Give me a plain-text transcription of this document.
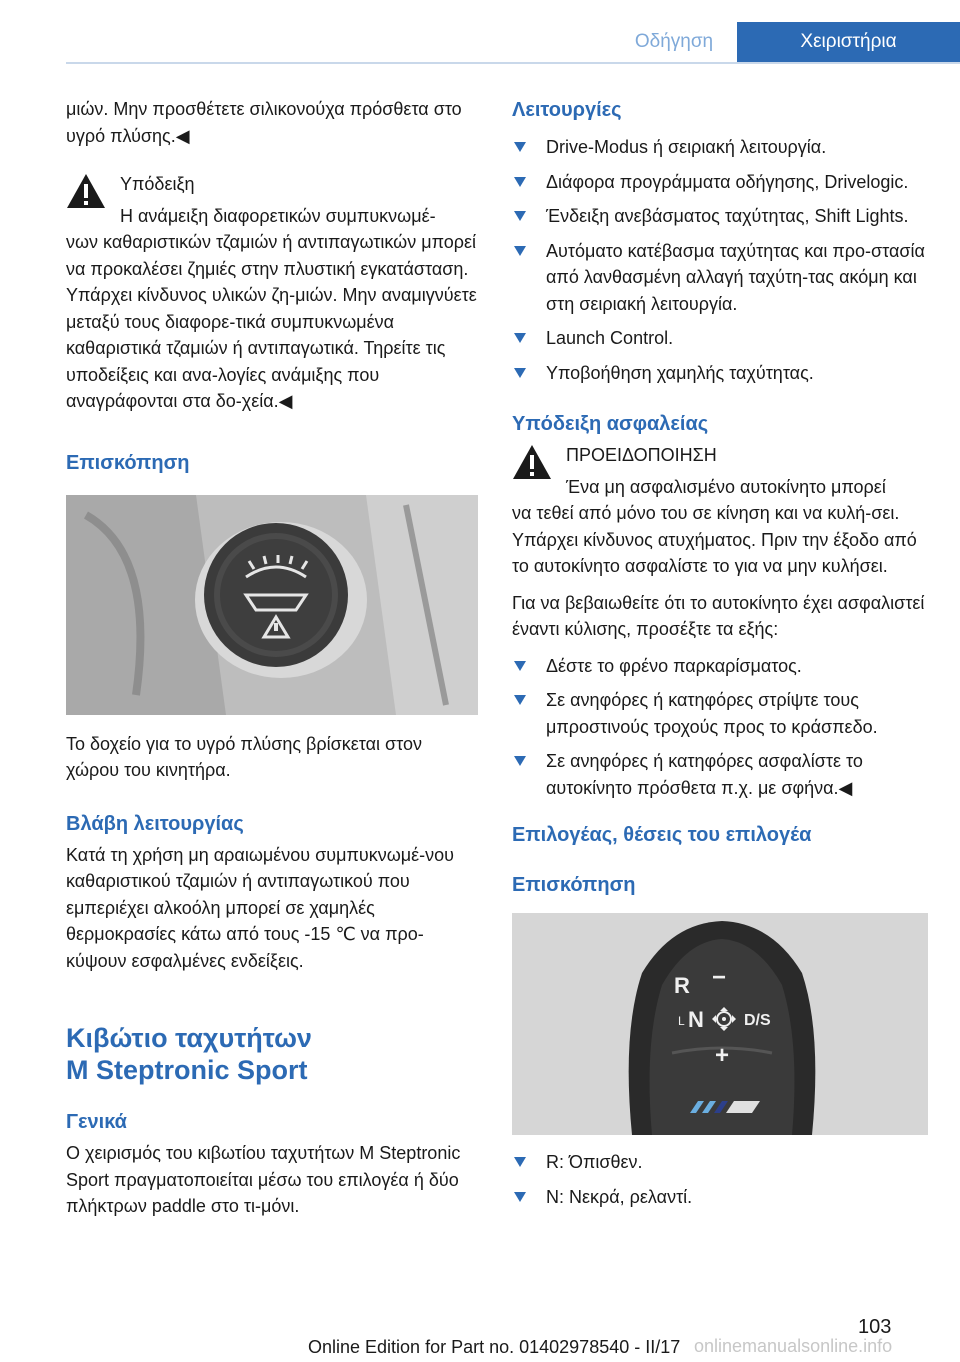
Οδήγηση	Χειριστήρια

μιών. Μην προσθέτετε σιλικονούχα πρόσθετα στο υγρό πλύσης.◀

Υπόδειξη

Η ανάμειξη διαφορετικών συμπυκνωμέ-

νων καθαριστικών τζαμιών ή αντιπαγωτικών μπορεί να προκαλέσει ζημιές στην πλυστική εγκατάσταση. Υπάρχει κίνδυνος υλικών ζη-μιών. Μην αναμιγνύετε μεταξύ τους διαφορε-τικά συμπυκνωμένα καθαριστικά τζαμιών ή αντιπαγωτικά. Τηρείτε τις υποδείξεις και ανα-λογίες ανάμιξης που αναγράφονται στα δο-χεία.◀

Επισκόπηση

Το δοχείο για το υγρό πλύσης βρίσκεται στον χώρου του κινητήρα.

Βλάβη λειτουργίας

Κατά τη χρήση μη αραιωμένου συμπυκνωμέ-νου καθαριστικού τζαμιών ή αντιπαγωτικού που εμπεριέχει αλκοόλη μπορεί σε χαμηλές θερμοκρασίες κάτω από τους -15 ℃ να προ-κύψουν εσφαλμένες ενδείξεις.

Κιβώτιο ταχυτήτων
M Steptronic Sport
Γενικά

Ο χειρισμός του κιβωτίου ταχυτήτων M Steptronic Sport πραγματοποιείται μέσω του επιλογέα ή δύο πλήκτρων paddle στο τι-μόνι.

Λειτουργίες
Drive-Modus ή σειριακή λειτουργία.
Διάφορα προγράμματα οδήγησης, Drivelogic.
Ένδειξη ανεβάσματος ταχύτητας, Shift Lights.
Αυτόματο κατέβασμα ταχύτητας και προ-στασία από λανθασμένη αλλαγή ταχύτη-τας ακόμη και στη σειριακή λειτουργία.
Launch Control.
Υποβοήθηση χαμηλής ταχύτητας.
Υπόδειξη ασφαλείας

ΠΡΟΕΙΔΟΠΟΙΗΣΗ

Ένα μη ασφαλισμένο αυτοκίνητο μπορεί

να τεθεί από μόνο του σε κίνηση και να κυλή-σει. Υπάρχει κίνδυνος ατυχήματος. Πριν την έξοδο από το αυτοκίνητο ασφαλίστε το για να μην κυλήσει.

Για να βεβαιωθείτε ότι το αυτοκίνητο έχει ασφαλιστεί έναντι κύλισης, προσέξτε τα εξής:

Δέστε το φρένο παρκαρίσματος.
Σε ανηφόρες ή κατηφόρες στρίψτε τους μπροστινούς τροχούς προς το κράσπεδο.
Σε ανηφόρες ή κατηφόρες ασφαλίστε το αυτοκίνητο πρόσθετα π.χ. με σφήνα.◀
Επιλογέας, θέσεις του επιλογέα
Επισκόπηση
R −
L N	D/S
+
R: Όπισθεν.
N: Νεκρά, ρελαντί.
103
Online Edition for Part no. 01402978540 - II/17 onlinemanualsonline.info
